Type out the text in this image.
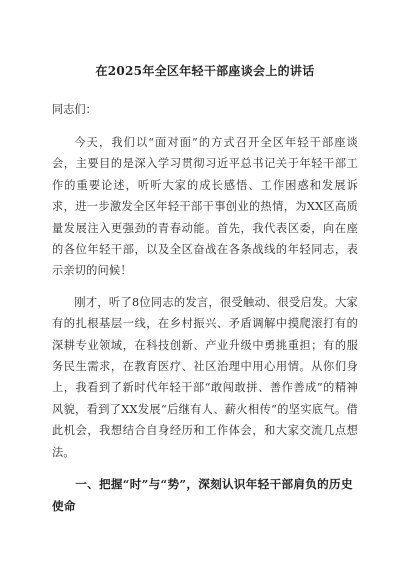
在2025年全区年轻干部座谈会上的讲话

同志们：

今天，我们以“面对面”的方式召开全区年轻干部座谈会，主要目的是深入学习贯彻习近平总书记关于年轻干部工作的重要论述，听听大家的成长感悟、工作困惑和发展诉求，进一步激发全区年轻干部干事创业的热情，为XX区高质量发展注入更强劲的青春动能。首先，我代表区委，向在座的各位年轻干部，以及全区奋战在各条战线的年轻同志，表示亲切的问候！

刚才，听了8位同志的发言，很受触动、很受启发。大家有的扎根基层一线，在乡村振兴、矛盾调解中摸爬滚打有的深耕专业领域，在科技创新、产业升级中勇挑重担；有的服务民生需求，在教育医疗、社区治理中用心用情。从你们身上，我看到了新时代年轻干部“敢闯敢拼、善作善成”的精神风貌，看到了XX发展“后继有人、薪火相传”的坚实底气。借此机会，我想结合自身经历和工作体会，和大家交流几点想法。

一、把握“时”与“势”，深刻认识年轻干部肩负的历史使命
